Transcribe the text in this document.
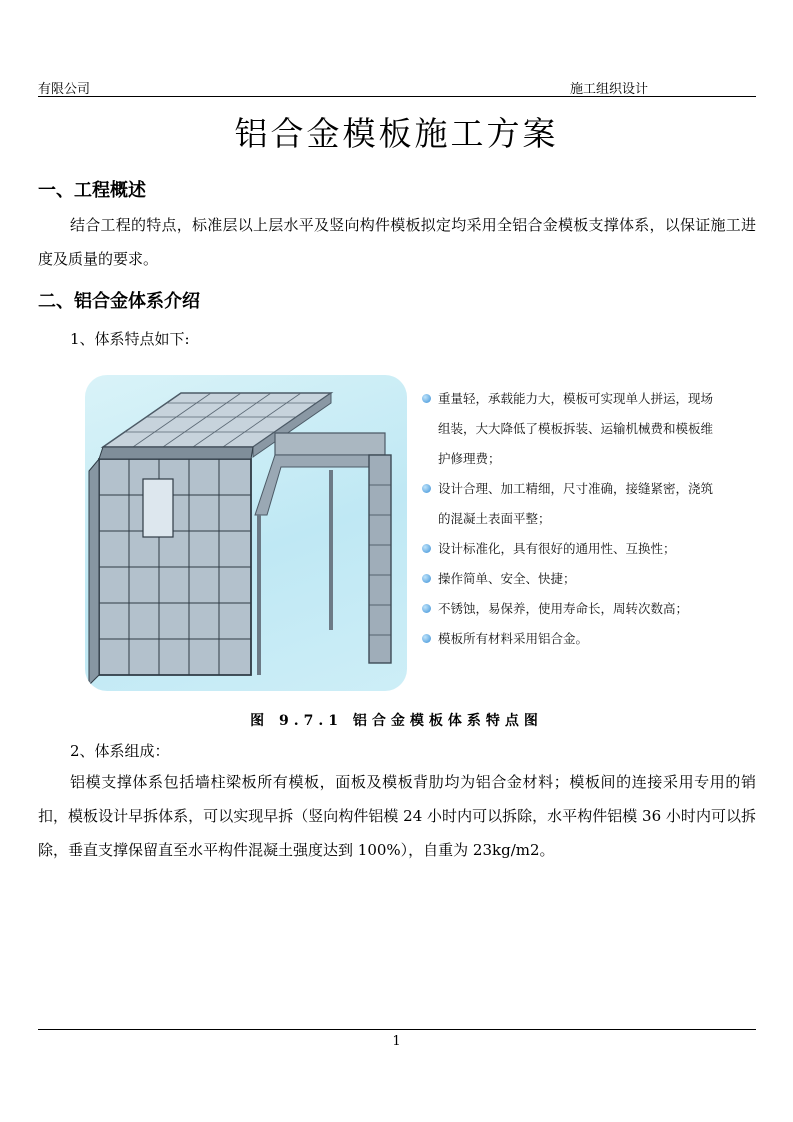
有限公司	施工组织设计
铝合金模板施工方案
一、工程概述
结合工程的特点，标准层以上层水平及竖向构件模板拟定均采用全铝合金模板支撑体系，以保证施工进度及质量的要求。
二、铝合金体系介绍
1、体系特点如下:
重量轻，承载能力大，模板可实现单人拼运，现场组装，大大降低了模板拆装、运输机械费和模板维护修理费；
设计合理、加工精细，尺寸准确，接缝紧密，浇筑的混凝土表面平整；
设计标准化，具有很好的通用性、互换性；
操作简单、安全、快捷；
不锈蚀，易保养，使用寿命长，周转次数高；
模板所有材料采用铝合金。
图 9.7.1 铝合金模板体系特点图
2、体系组成：
铝模支撑体系包括墙柱梁板所有模板，面板及模板背肋均为铝合金材料；模板间的连接采用专用的销扣，模板设计早拆体系，可以实现早拆（竖向构件铝模 24 小时内可以拆除，水平构件铝模 36 小时内可以拆除，垂直支撑保留直至水平构件混凝土强度达到 100%），自重为 23kg/m2。
1
